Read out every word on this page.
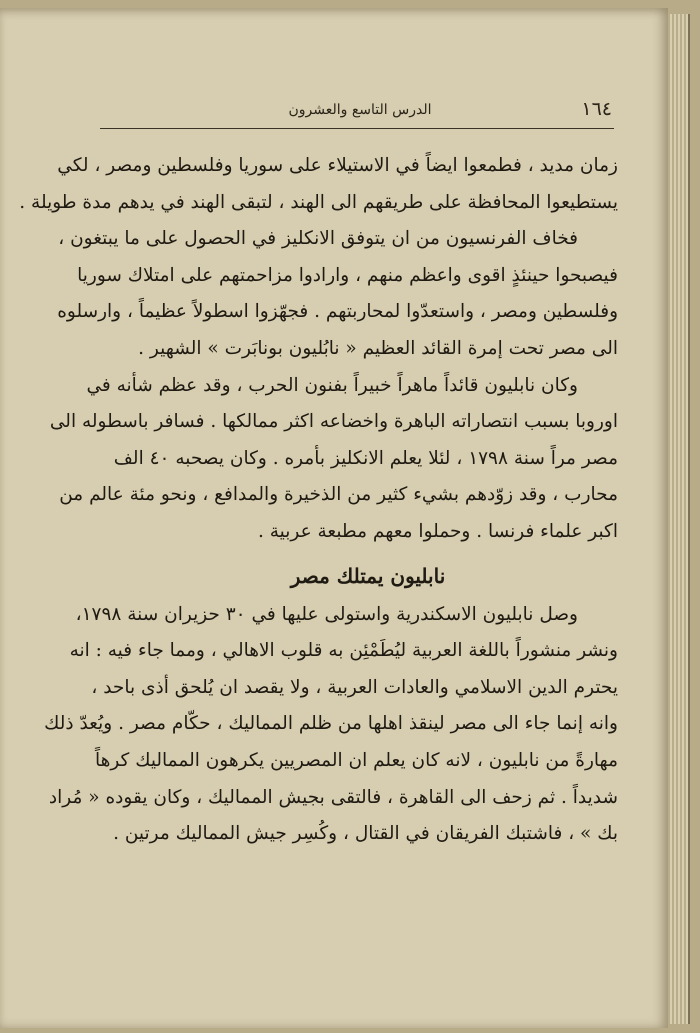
١٦٤
الدرس التاسع والعشرون
زمان مديد ، فطمعوا ايضاً في الاستيلاء على سوريا وفلسطين ومصر ، لكي
يستطيعوا المحافظة على طريقهم الى الهند ، لتبقى الهند في يدهم مدة طويلة .
فخاف الفرنسيون من ان يتوفق الانكليز في الحصول على ما يبتغون ،
فيصبحوا حينئذٍ اقوى واعظم منهم ، وارادوا مزاحمتهم على امتلاك سوريا
وفلسطين ومصر ، واستعدّوا لمحاربتهم . فجهّزوا اسطولاً عظيماً ، وارسلوه
الى مصر تحت إمرة القائد العظيم « نابُليون بونابَرت » الشهير .
وكان نابليون قائداً ماهراً خبيراً بفنون الحرب ، وقد عظم شأنه في
اوروبا بسبب انتصاراته الباهرة واخضاعه اكثر ممالكها . فسافر باسطوله الى
مصر مراً سنة ١٧٩٨ ، لئلا يعلم الانكليز بأمره . وكان يصحبه ٤٠ الف
محارب ، وقد زوّدهم بشيء كثير من الذخيرة والمدافع ، ونحو مئة عالم من
اكبر علماء فرنسا . وحملوا معهم مطبعة عربية .
نابليون يمتلك مصر
وصل نابليون الاسكندرية واستولى عليها في ٣٠ حزيران سنة ١٧٩٨،
ونشر منشوراً باللغة العربية ليُطَمْئِن به قلوب الاهالي ، ومما جاء فيه : انه
يحترم الدين الاسلامي والعادات العربية ، ولا يقصد ان يُلحق أذى باحد ،
وانه إنما جاء الى مصر لينقذ اهلها من ظلم المماليك ، حكّام مصر . ويُعدّ ذلك
مهارةً من نابليون ، لانه كان يعلم ان المصريين يكرهون المماليك كرهاً
شديداً . ثم زحف الى القاهرة ، فالتقى بجيش المماليك ، وكان يقوده « مُراد
بك » ، فاشتبك الفريقان في القتال ، وكُسِر جيش المماليك مرتين .
